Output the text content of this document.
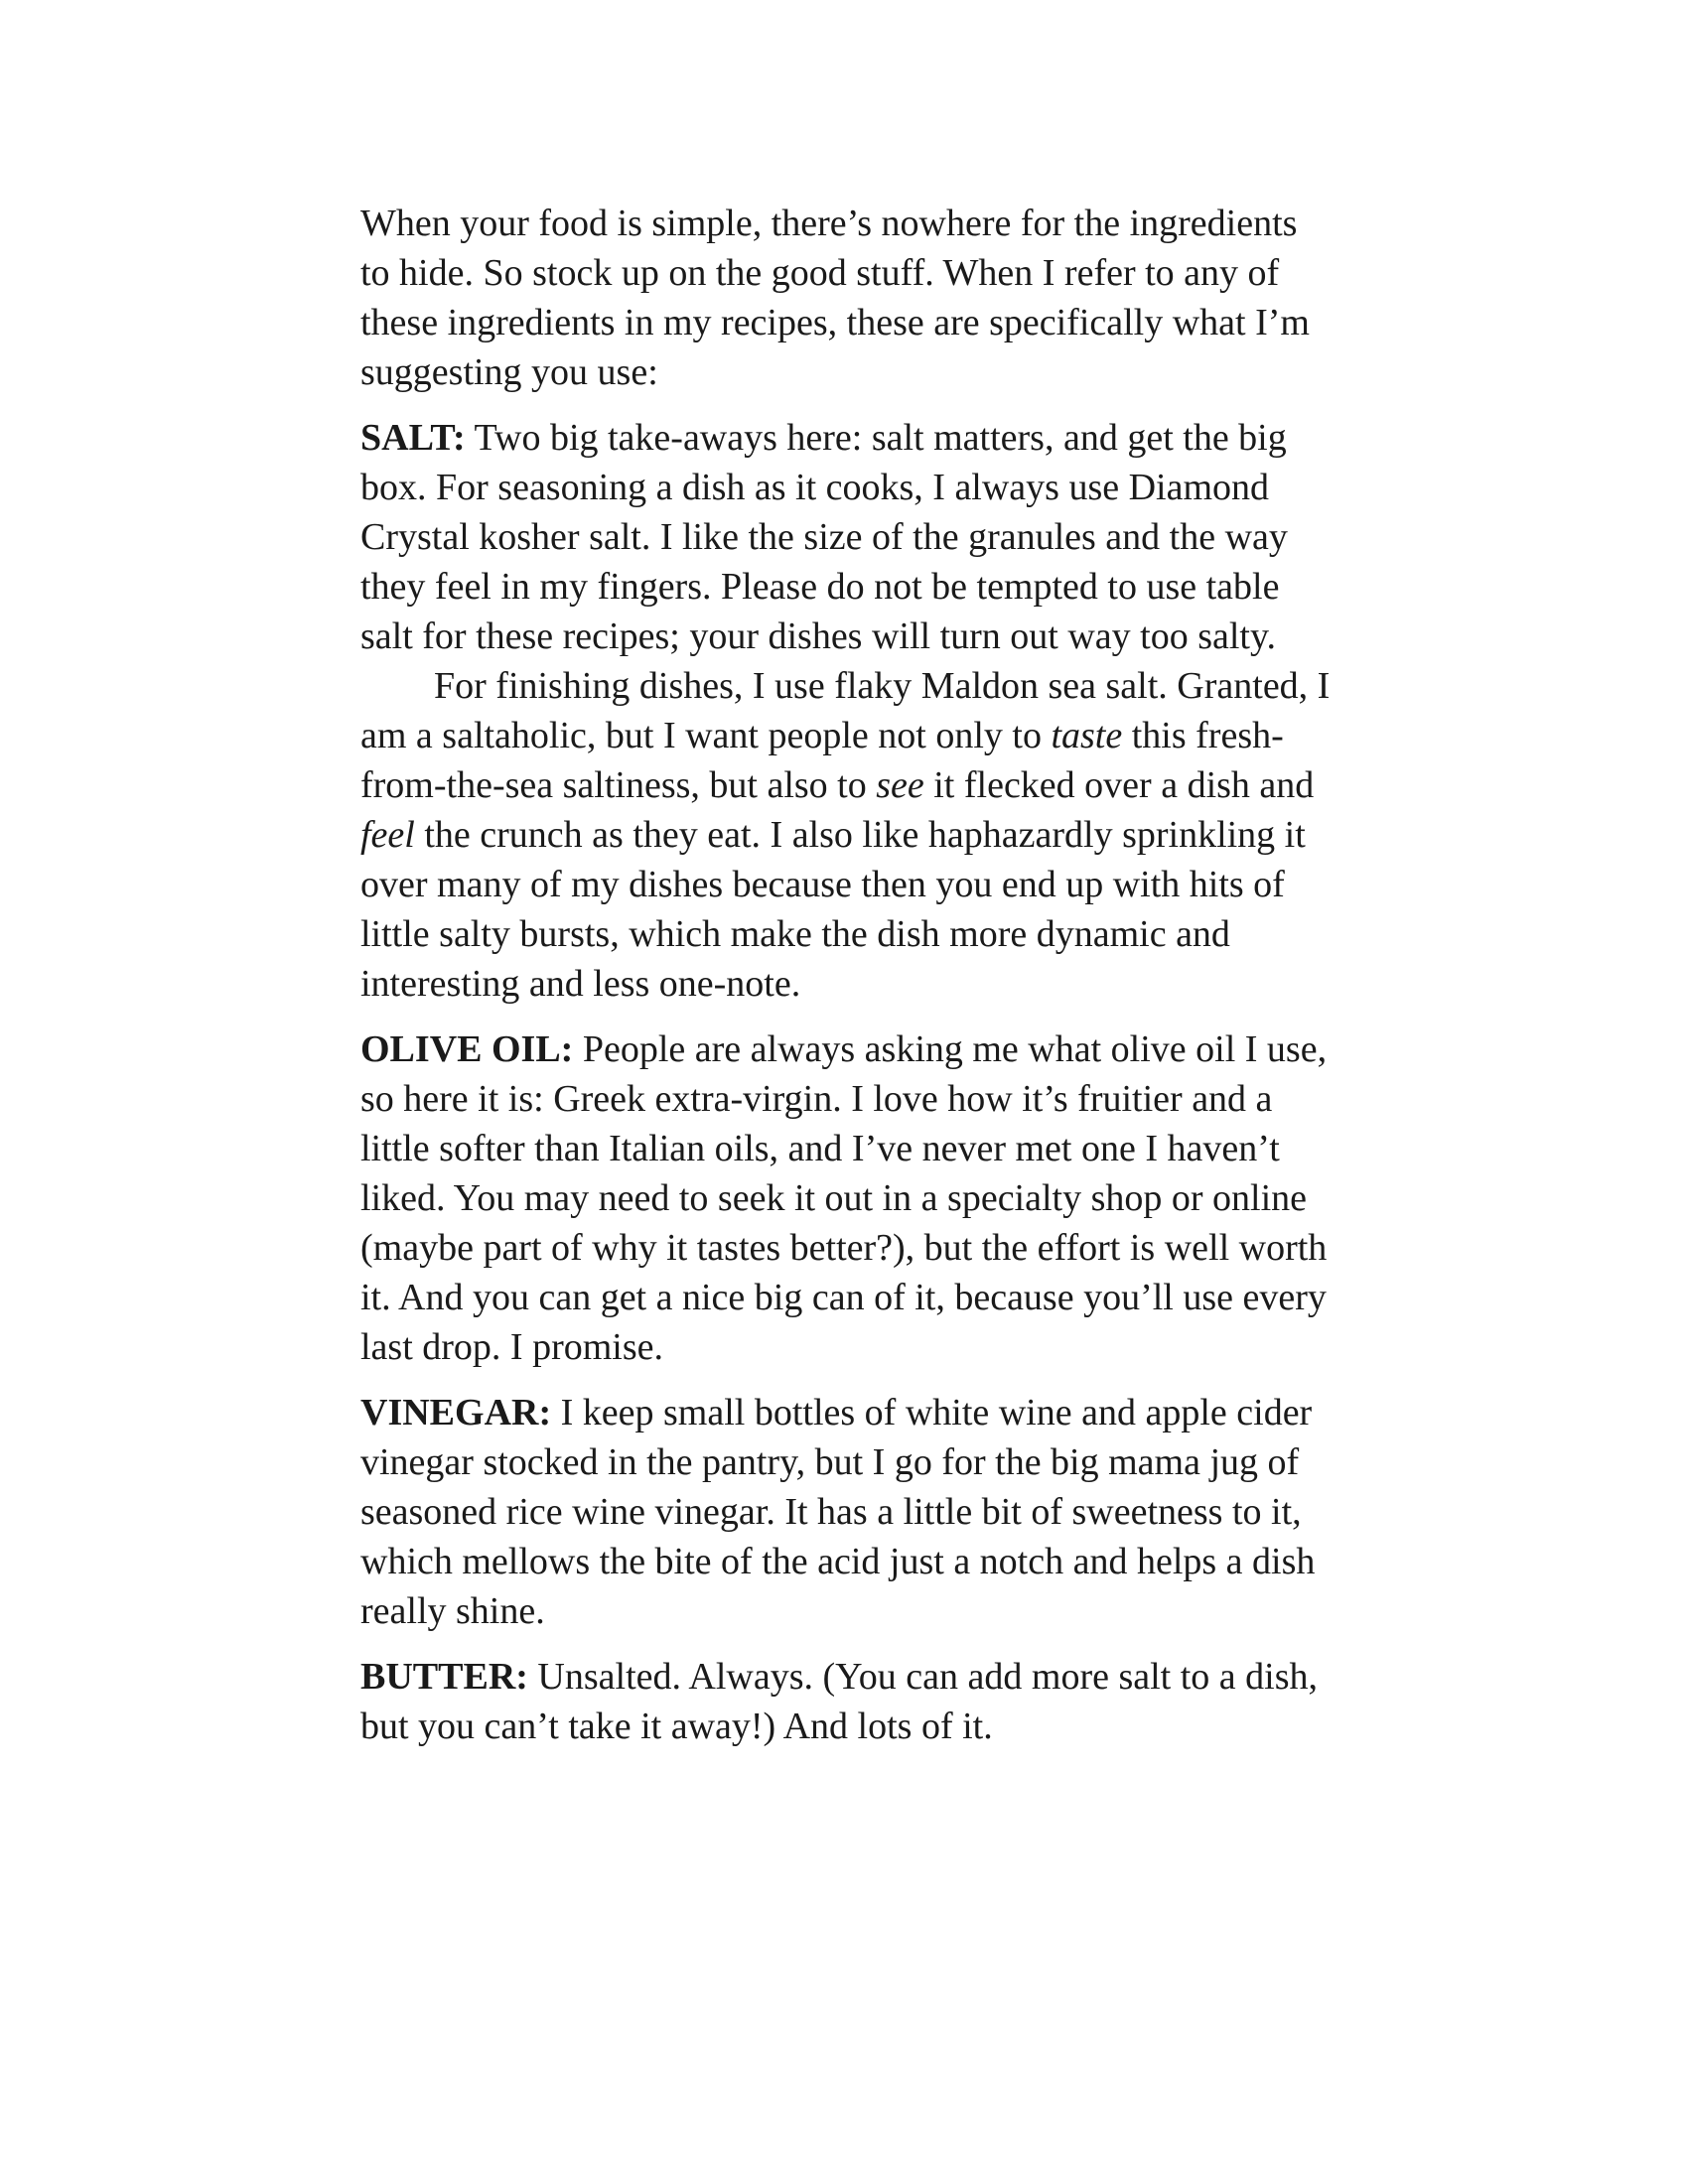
When your food is simple, there’s nowhere for the ingredients to hide. So stock up on the good stuff. When I refer to any of these ingredients in my recipes, these are specifically what I’m suggesting you use:

SALT: Two big take-aways here: salt matters, and get the big box. For seasoning a dish as it cooks, I always use Diamond Crystal kosher salt. I like the size of the granules and the way they feel in my fingers. Please do not be tempted to use table salt for these recipes; your dishes will turn out way too salty.

For finishing dishes, I use flaky Maldon sea salt. Granted, I am a saltaholic, but I want people not only to taste this fresh-from-the-sea saltiness, but also to see it flecked over a dish and feel the crunch as they eat. I also like haphazardly sprinkling it over many of my dishes because then you end up with hits of little salty bursts, which make the dish more dynamic and interesting and less one-note.

OLIVE OIL: People are always asking me what olive oil I use, so here it is: Greek extra-virgin. I love how it’s fruitier and a little softer than Italian oils, and I’ve never met one I haven’t liked. You may need to seek it out in a specialty shop or online (maybe part of why it tastes better?), but the effort is well worth it. And you can get a nice big can of it, because you’ll use every last drop. I promise.

VINEGAR: I keep small bottles of white wine and apple cider vinegar stocked in the pantry, but I go for the big mama jug of seasoned rice wine vinegar. It has a little bit of sweetness to it, which mellows the bite of the acid just a notch and helps a dish really shine.

BUTTER: Unsalted. Always. (You can add more salt to a dish, but you can’t take it away!) And lots of it.
